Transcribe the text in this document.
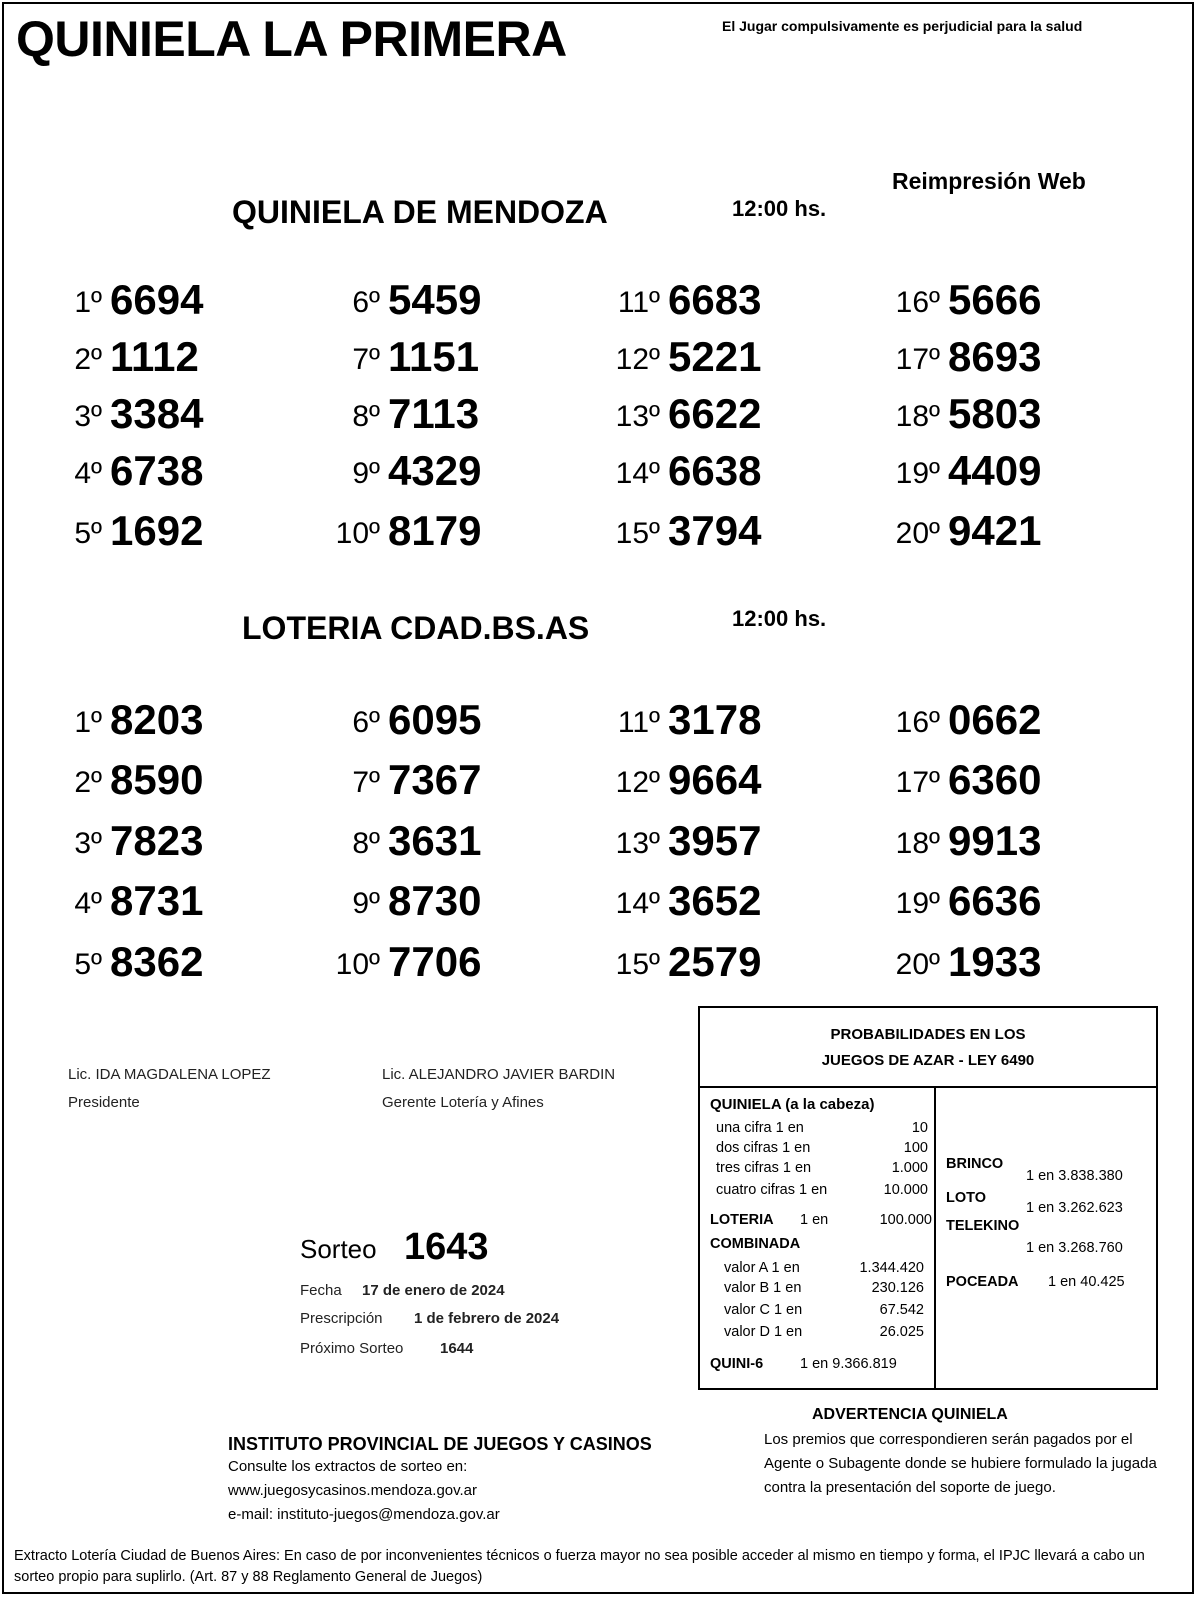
QUINIELA LA PRIMERA	El Jugar compulsivamente es perjudicial para la salud
Reimpresión Web
QUINIELA DE MENDOZA	12:00 hs.
1º 6694
2º 1112
3º 3384
4º 6738
5º 1692
6º 5459
7º 1151
8º 7113
9º 4329
10º 8179
11º 6683
12º 5221
13º 6622
14º 6638
15º 3794
16º 5666
17º 8693
18º 5803
19º 4409
20º 9421
LOTERIA CDAD.BS.AS	12:00 hs.
1º 8203
2º 8590
3º 7823
4º 8731
5º 8362
6º 6095
7º 7367
8º 3631
9º 8730
10º 7706
11º 3178
12º 9664
13º 3957
14º 3652
15º 2579
16º 0662
17º 6360
18º 9913
19º 6636
20º 1933
Lic. IDA MAGDALENA LOPEZ
Presidente
Lic. ALEJANDRO JAVIER BARDIN
Gerente Lotería y Afines
Sorteo 1643
Fecha 17 de enero de 2024
Prescripción 1 de febrero de 2024
Próximo Sorteo 1644
PROBABILIDADES EN LOS
JUEGOS DE AZAR - LEY 6490
QUINIELA (a la cabeza)
una cifra 1 en	10
dos cifras 1 en	100
tres cifras 1 en	1.000
cuatro cifras 1 en	10.000
LOTERIA 1 en	100.000
COMBINADA
valor A 1 en	1.344.420
valor B 1 en	230.126
valor C 1 en	67.542
valor D 1 en	26.025
QUINI-6	1 en 9.366.819
BRINCO
1 en 3.838.380
LOTO
1 en 3.262.623
TELEKINO
1 en 3.268.760
POCEADA 1 en 40.425
ADVERTENCIA QUINIELA
Los premios que correspondieren serán pagados por el Agente o Subagente donde se hubiere formulado la jugada contra la presentación del soporte de juego.
INSTITUTO PROVINCIAL DE JUEGOS Y CASINOS
Consulte los extractos de sorteo en:
www.juegosycasinos.mendoza.gov.ar
e-mail: instituto-juegos@mendoza.gov.ar
Extracto Lotería Ciudad de Buenos Aires: En caso de por inconvenientes técnicos o fuerza mayor no sea posible acceder al mismo en tiempo y forma, el IPJC llevará a cabo un sorteo propio para suplirlo. (Art. 87 y 88 Reglamento General de Juegos)
